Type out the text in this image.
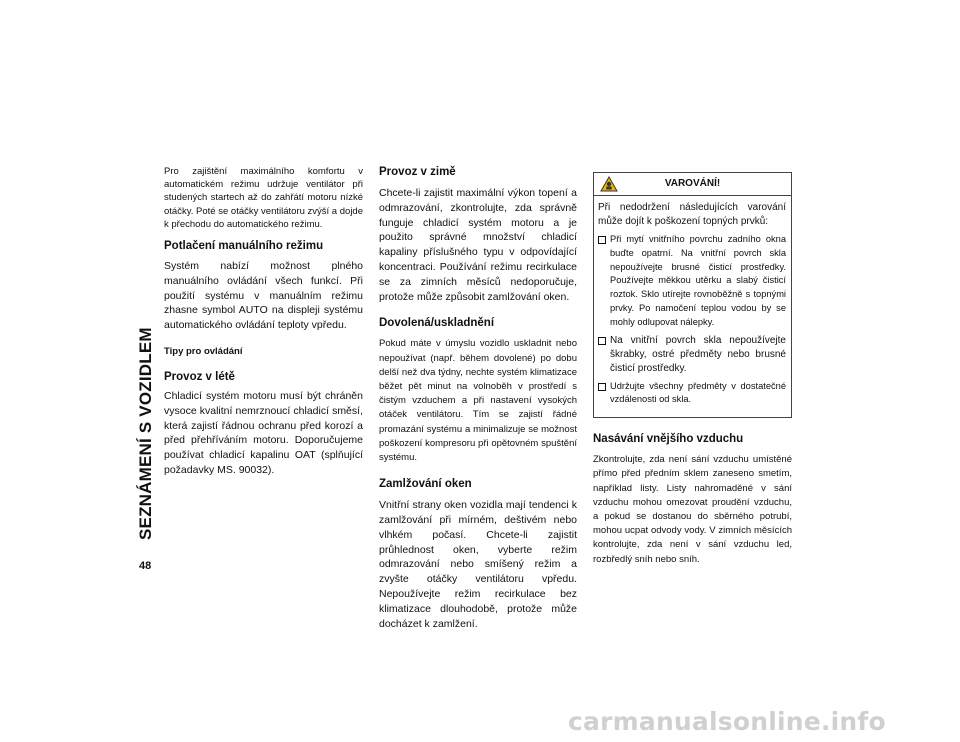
SEZNÁMENÍ S VOZIDLEM
48

Pro zajištění maximálního komfortu v automatickém režimu udržuje ventilátor při studených startech až do zahřátí motoru nízké otáčky. Poté se otáčky ventilátoru zvýší a dojde k přechodu do automatického režimu.

Potlačení manuálního režimu

Systém nabízí možnost plného manuálního ovládání všech funkcí. Při použití systému v manuálním režimu zhasne symbol AUTO na displeji systému automatického ovládání teploty vpředu.

Tipy pro ovládání
Provoz v létě

Chladicí systém motoru musí být chráněn vysoce kvalitní nemrznoucí chladicí směsí, která zajistí řádnou ochranu před korozí a před přehříváním motoru. Doporučujeme používat chladicí kapalinu OAT (splňující požadavky MS. 90032).

Provoz v zimě

Chcete-li zajistit maximální výkon topení a odmrazování, zkontrolujte, zda správně funguje chladicí systém motoru a je použito správné množství chladicí kapaliny příslušného typu v odpovídající koncentraci. Používání režimu recirkulace se za zimních měsíců nedoporučuje, protože může způsobit zamlžování oken.

Dovolená/uskladnění

Pokud máte v úmyslu vozidlo uskladnit nebo nepoužívat (např. během dovolené) po dobu delší než dva týdny, nechte systém klimatizace běžet pět minut na volnoběh v prostředí s čistým vzduchem a při nastavení vysokých otáček ventilátoru. Tím se zajistí řádné promazání systému a minimalizuje se možnost poškození kompresoru při opětovném spuštění systému.

Zamlžování oken

Vnitřní strany oken vozidla mají tendenci k zamlžování při mírném, deštivém nebo vlhkém počasí. Chcete-li zajistit průhlednost oken, vyberte režim odmrazování nebo smíšený režim a zvyšte otáčky ventilátoru vpředu. Nepoužívejte režim recirkulace bez klimatizace dlouhodobě, protože může docházet k zamlžení.

VAROVÁNÍ!

Při nedodržení následujících varování může dojít k poškození topných prvků:

Při mytí vnitřního povrchu zadního okna buďte opatrní. Na vnitřní povrch skla nepoužívejte brusné čisticí prostředky. Používejte měkkou utěrku a slabý čisticí roztok. Sklo utírejte rovnoběžně s topnými prvky. Po namočení teplou vodou by se mohly odlupovat nálepky.
Na vnitřní povrch skla nepoužívejte škrabky, ostré předměty nebo brusné čisticí prostředky.
Udržujte všechny předměty v dostatečné vzdálenosti od skla.
Nasávání vnějšího vzduchu

Zkontrolujte, zda není sání vzduchu umístěné přímo před předním sklem zaneseno smetím, například listy. Listy nahromaděné v sání vzduchu mohou omezovat proudění vzduchu, a pokud se dostanou do sběrného potrubí, mohou ucpat odvody vody. V zimních měsících kontrolujte, zda není v sání vzduchu led, rozbředlý sníh nebo sníh.

carmanualsonline.info
